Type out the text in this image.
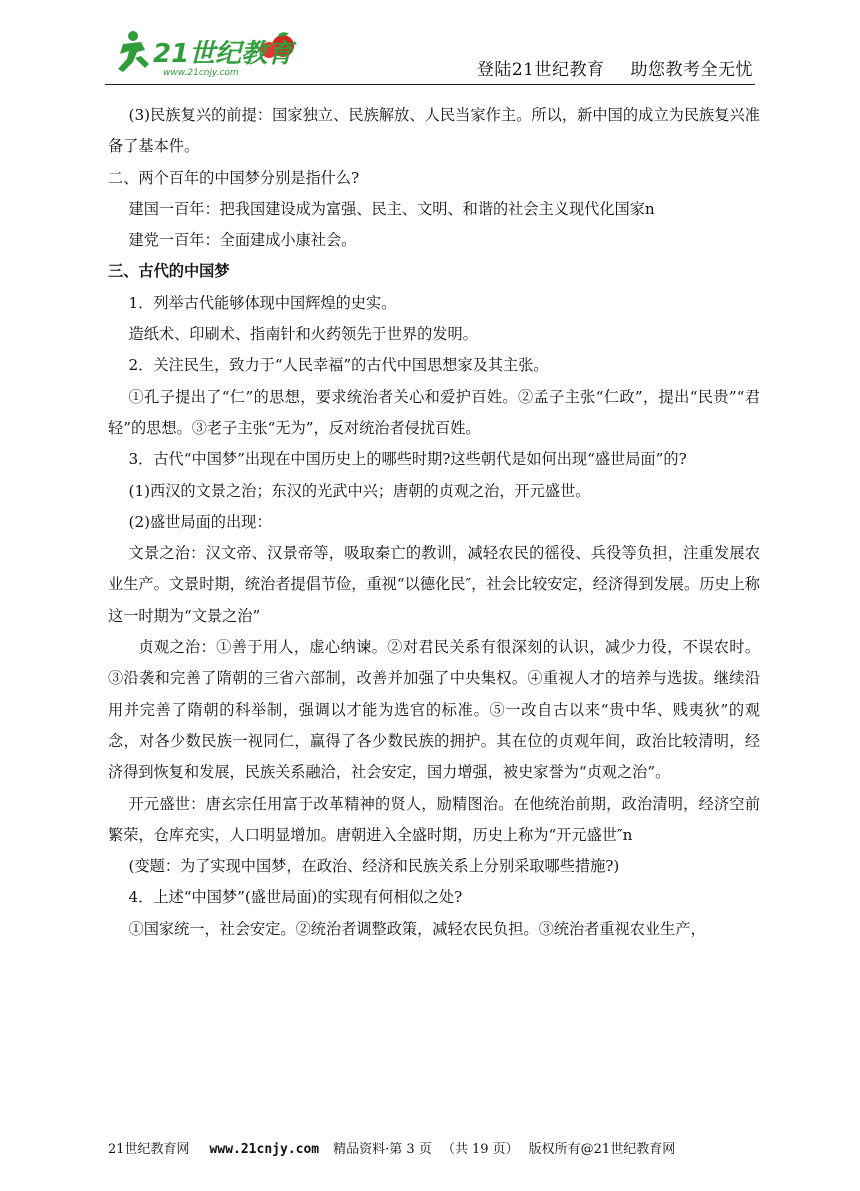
21世纪教育
www.21cnjy.com	登陆21世纪教育 助您教考全无忧

(3)民族复兴的前提：国家独立、民族解放、人民当家作主。所以，新中国的成立为民族复兴准备了基本件。

二、两个百年的中国梦分别是指什么?

建国一百年：把我国建设成为富强、民主、文明、和谐的社会主义现代化国家n

建党一百年：全面建成小康社会。

三、古代的中国梦

1．列举古代能够体现中国辉煌的史实。

造纸术、印刷术、指南针和火药领先于世界的发明。

2．关注民生，致力于“人民幸福”的古代中国思想家及其主张。

①孔子提出了“仁”的思想，要求统治者关心和爱护百姓。②孟子主张“仁政”，提出“民贵”“君轻”的思想。③老子主张“无为”，反对统治者侵扰百姓。

3．古代“中国梦”出现在中国历史上的哪些时期?这些朝代是如何出现“盛世局面”的?

(1)西汉的文景之治；东汉的光武中兴；唐朝的贞观之治，开元盛世。

(2)盛世局面的出现：

文景之治：汉文帝、汉景帝等，吸取秦亡的教训，减轻农民的徭役、兵役等负担，注重发展农业生产。文景时期，统治者提倡节俭，重视“以德化民″，社会比较安定，经济得到发展。历史上称这一时期为“文景之治”

贞观之治：①善于用人，虚心纳谏。②对君民关系有很深刻的认识，减少力役，不误农时。③沿袭和完善了隋朝的三省六部制，改善并加强了中央集权。④重视人才的培养与选拔。继续沿用并完善了隋朝的科举制，强调以才能为选官的标准。⑤一改自古以来“贵中华、贱夷狄”的观念，对各少数民族一视同仁，赢得了各少数民族的拥护。其在位的贞观年间，政治比较清明，经济得到恢复和发展，民族关系融洽，社会安定，国力增强，被史家誉为“贞观之治”。

开元盛世：唐玄宗任用富于改革精神的贤人，励精图治。在他统治前期，政治清明，经济空前繁荣，仓库充实，人口明显增加。唐朝进入全盛时期，历史上称为“开元盛世″n

(变题：为了实现中国梦，在政治、经济和民族关系上分别采取哪些措施?)

4．上述“中国梦”(盛世局面)的实现有何相似之处?

①国家统一，社会安定。②统治者调整政策，减轻农民负担。③统治者重视农业生产，

21世纪教育网 www.21cnjy.com 精品资料·第 3 页 （共 19 页） 版权所有@21世纪教育网
